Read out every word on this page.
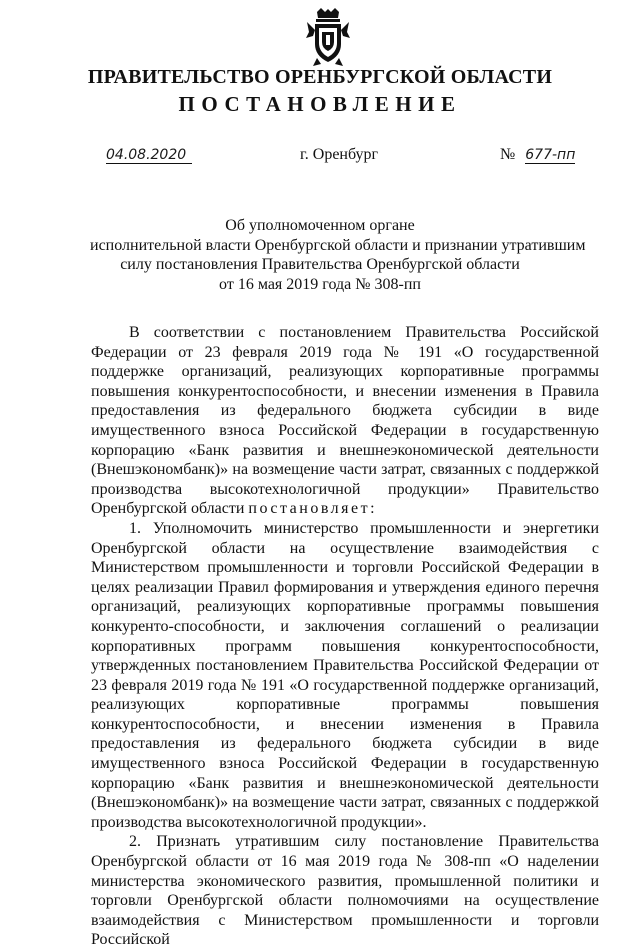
ПРАВИТЕЛЬСТВО ОРЕНБУРГСКОЙ ОБЛАСТИ
ПОСТАНОВЛЕНИЕ
04.08.2020	г. Оренбург	№ 677-пп
Об уполномоченном органе
исполнительной власти Оренбургской области и признании утратившим
силу постановления Правительства Оренбургской области
от 16 мая 2019 года № 308-пп

В соответствии с постановлением Правительства Российской Федерации от 23 февраля 2019 года № 191 «О государственной поддержке организаций, реализующих корпоративные программы повышения конкурентоспособности, и внесении изменения в Правила предоставления из федерального бюджета субсидии в виде имущественного взноса Российской Федерации в государственную корпорацию «Банк развития и внешнеэкономической деятельности (Внешэкономбанк)» на возмещение части затрат, связанных с поддержкой производства высокотехнологичной продукции» Правительство Оренбургской области постановляет:

1. Уполномочить министерство промышленности и энергетики Оренбургской области на осуществление взаимодействия с Министерством промышленности и торговли Российской Федерации в целях реализации Правил формирования и утверждения единого перечня организаций, реализующих корпоративные программы повышения конкуренто-способности, и заключения соглашений о реализации корпоративных программ повышения конкурентоспособности, утвержденных постановлением Правительства Российской Федерации от 23 февраля 2019 года № 191 «О государственной поддержке организаций, реализующих корпоративные программы повышения конкурентоспособности, и внесении изменения в Правила предоставления из федерального бюджета субсидии в виде имущественного взноса Российской Федерации в государственную корпорацию «Банк развития и внешнеэкономической деятельности (Внешэкономбанк)» на возмещение части затрат, связанных с поддержкой производства высокотехнологичной продукции».

2. Признать утратившим силу постановление Правительства Оренбургской области от 16 мая 2019 года № 308-пп «О наделении министерства экономического развития, промышленной политики и торговли Оренбургской области полномочиями на осуществление взаимодействия с Министерством промышленности и торговли Российской
